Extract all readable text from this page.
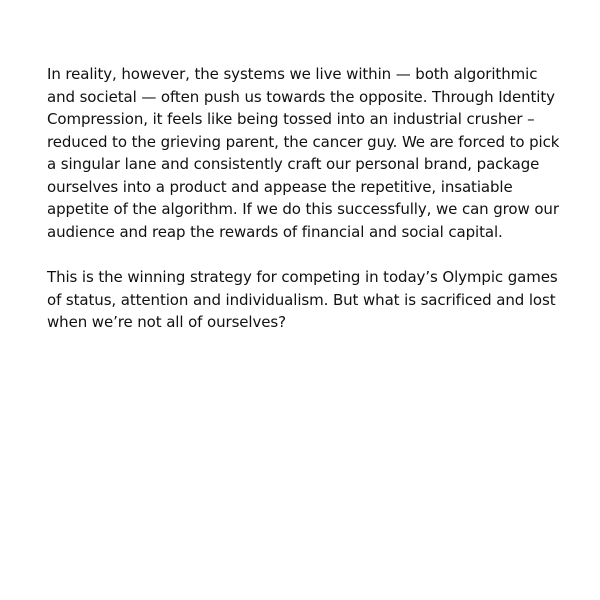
In reality, however, the systems we live within — both algorithmic and societal — often push us towards the opposite. Through Identity Compression, it feels like being tossed into an industrial crusher – reduced to the grieving parent, the cancer guy. We are forced to pick a singular lane and consistently craft our personal brand, package ourselves into a product and appease the repetitive, insatiable appetite of the algorithm. If we do this successfully, we can grow our audience and reap the rewards of financial and social capital.

This is the winning strategy for competing in today’s Olympic games of status, attention and individualism. But what is sacrificed and lost when we’re not all of ourselves?
